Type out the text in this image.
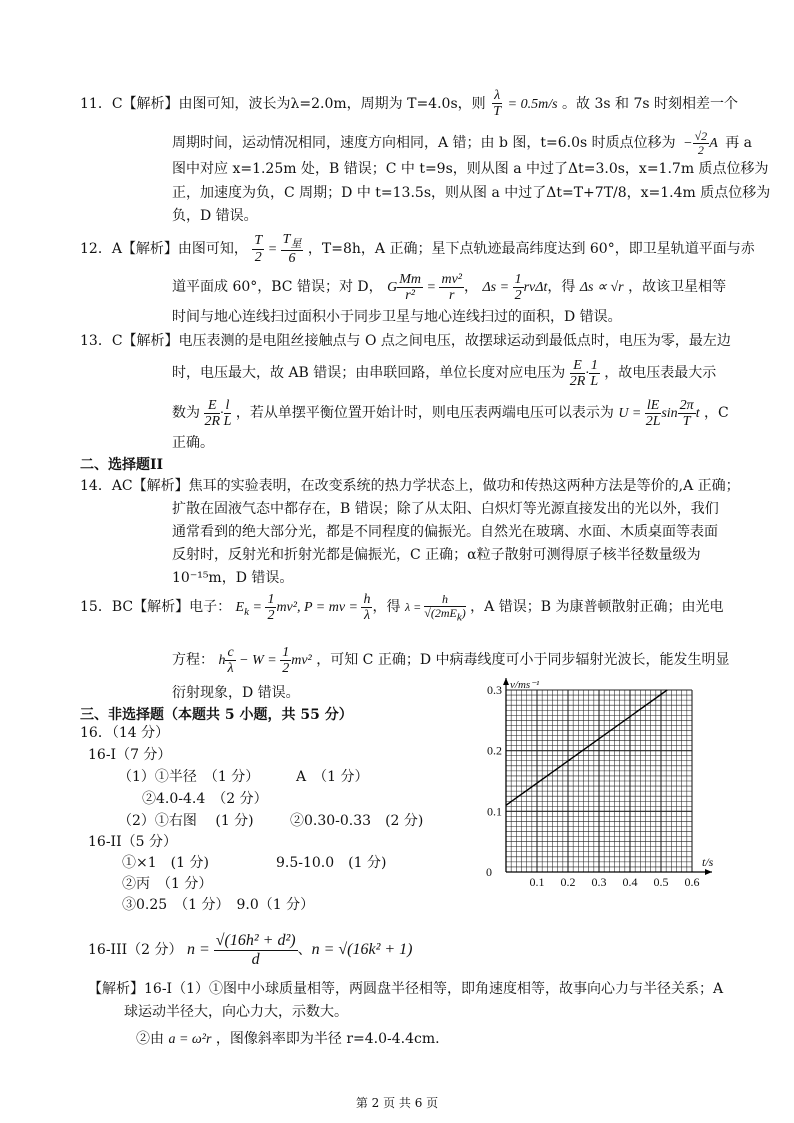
11．C【解析】由图可知，波长为λ=2.0m，周期为 T=4.0s，则 $\frac{\lambda}{T} = 0.5m/s$ 。故 3s 和 7s 时刻相差一个
周期时间，运动情况相同，速度方向相同，A 错；由 b 图，t=6.0s 时质点位移为 − $\frac{√2}{2}$ A 再 a
图中对应 x=1.25m 处，B 错误；C 中 t=9s，则从图 a 中过了Δt=3.0s，x=1.7m 质点位移为
正，加速度为负，C 周期；D 中 t=13.5s，则从图 a 中过了Δt=T+7T/8，x=1.4m 质点位移为
负，D 错误。
12．A【解析】由图可知， $\frac{T}{2} = \frac{T_星}{6}$ ，T=8h，A 正确；星下点轨迹最高纬度达到 60°，即卫星轨道平面与赤
道平面成 60°，BC 错误；对 D， G $\frac{Mm}{\text{r²}} = \frac{\text{mv²}}{r}$ ， $\Delta s = \frac{1}{2}$ rvΔt，得 Δs ∝ √r ，故该卫星相等
时间与地心连线扫过面积小于同步卫星与地心连线扫过的面积，D 错误。
13．C【解析】电压表测的是电阻丝接触点与 O 点之间电压，故摆球运动到最低点时，电压为零，最左边
时，电压最大，故 AB 错误；由串联回路，单位长度对应电压为 $\frac{E}{2R} \cdot \frac{1}{L}$ ，故电压表最大示
数为 $\frac{E}{2R} \cdot \frac{l}{L}$ ，若从单摆平衡位置开始计时，则电压表两端电压可以表示为 $U = \frac{lE}{2L}$ $\sin \frac{2\pi}{T}$ t ，C
正确。
二、选择题II
14．AC【解析】焦耳的实验表明，在改变系统的热力学状态上，做功和传热这两种方法是等价的,A 正确；
扩散在固液气态中都存在，B 错误；除了从太阳、白炽灯等光源直接发出的光以外，我们
通常看到的绝大部分光，都是不同程度的偏振光。自然光在玻璃、水面、木质桌面等表面
反射时，反射光和折射光都是偏振光，C 正确；α粒子散射可测得原子核半径数量级为
10⁻¹⁵m，D 错误。
15．BC【解析】电子： $E_k = \frac{1}{2} mv^2$, P = mv = $\frac{h}{\lambda}$ ，得 $\lambda = \frac{h}{√(2mE_k)}$ ，A 错误；B 为康普顿散射正确；由光电
方程： h $\frac{c}{\lambda} - W = \frac{1}{2} mv^2$ ，可知 C 正确；D 中病毒线度可小于同步辐射光波长，能发生明显
衍射现象，D 错误。
三、非选择题（本题共 5 小题，共 55 分）
16．（14 分）
16-I（7 分）
（1）①半径　（1 分）	A　（1 分）
②4.0-4.4　（2 分）
（2）①右图　 (1 分)	②0.30-0.33　(2 分)
16-II（5 分）
①×1　(1 分)	9.5-10.0　(1 分)
②丙　（1 分）
③0.25　（1 分）　9.0（1 分）
16-III（2 分） $n = \frac{\text{√(16h² + d²)}}{d}$ 、n = √(16k² + 1)
【解析】16-I（1）①图中小球质量相等，两圆盘半径相等，即角速度相等，故事向心力与半径关系；A
球运动半径大，向心力大，示数大。
②由 a = ω²r ，图像斜率即为半径 r=4.0-4.4cm.
0.1 0.2 0.3 0.4 0.5 0.6
0.1
0.2
0.3
0
t/s
v/ms⁻¹
第 2 页 共 6 页
